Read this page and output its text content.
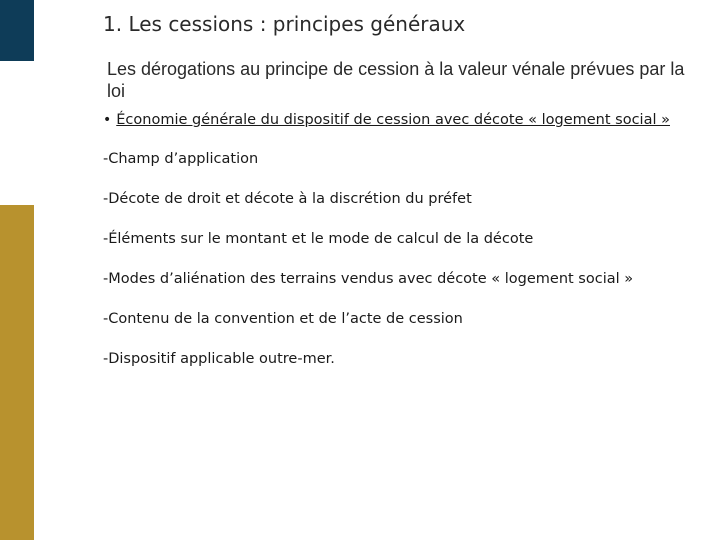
1. Les cessions : principes généraux

Les dérogations au principe de cession à la valeur vénale prévues par la loi

• Économie générale du dispositif de cession avec décote « logement social »
-Champ d’application
-Décote de droit et décote à la discrétion du préfet
-Éléments sur le montant et le mode de calcul de la décote
-Modes d’aliénation des terrains vendus avec décote « logement social »
-Contenu de la convention et de l’acte de cession
-Dispositif applicable outre-mer.
